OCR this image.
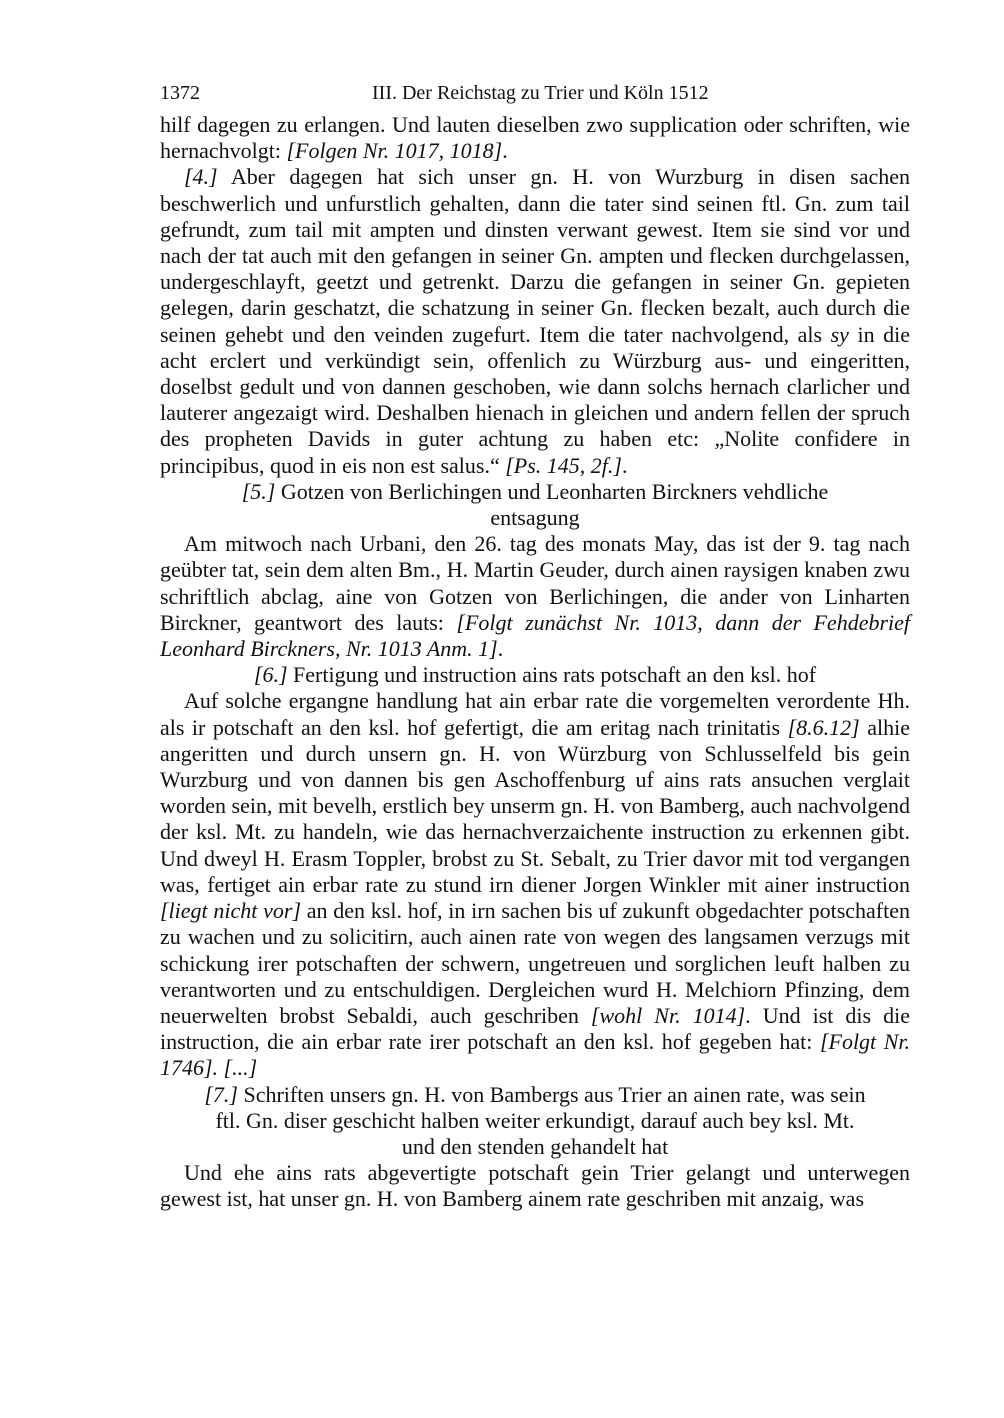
1372	III. Der Reichstag zu Trier und Köln 1512

hilf dagegen zu erlangen. Und lauten dieselben zwo supplication oder schriften, wie hernachvolgt: [Folgen Nr. 1017, 1018].

[4.] Aber dagegen hat sich unser gn. H. von Wurzburg in disen sachen beschwerlich und unfurstlich gehalten, dann die tater sind seinen ftl. Gn. zum tail gefrundt, zum tail mit ampten und dinsten verwant gewest. Item sie sind vor und nach der tat auch mit den gefangen in seiner Gn. ampten und flecken durchgelassen, undergeschlayft, geetzt und getrenkt. Darzu die gefangen in seiner Gn. gepieten gelegen, darin geschatzt, die schatzung in seiner Gn. flecken bezalt, auch durch die seinen gehebt und den veinden zugefurt. Item die tater nachvolgend, als sy in die acht erclert und verkündigt sein, offenlich zu Würzburg aus- und eingeritten, doselbst gedult und von dannen geschoben, wie dann solchs hernach clarlicher und lauterer angezaigt wird. Deshalben hienach in gleichen und andern fellen der spruch des propheten Davids in guter achtung zu haben etc: „Nolite confidere in principibus, quod in eis non est salus.“ [Ps. 145, 2f.].

[5.] Gotzen von Berlichingen und Leonharten Birckners vehdliche entsagung

Am mitwoch nach Urbani, den 26. tag des monats May, das ist der 9. tag nach geübter tat, sein dem alten Bm., H. Martin Geuder, durch ainen raysigen knaben zwu schriftlich abclag, aine von Gotzen von Berlichingen, die ander von Linharten Birckner, geantwort des lauts: [Folgt zunächst Nr. 1013, dann der Fehdebrief Leonhard Birckners, Nr. 1013 Anm. 1].

[6.] Fertigung und instruction ains rats potschaft an den ksl. hof

Auf solche ergangne handlung hat ain erbar rate die vorgemelten verordente Hh. als ir potschaft an den ksl. hof gefertigt, die am eritag nach trinitatis [8.6.12] alhie angeritten und durch unsern gn. H. von Würzburg von Schlusselfeld bis gein Wurzburg und von dannen bis gen Aschoffenburg uf ains rats ansuchen verglait worden sein, mit bevelh, erstlich bey unserm gn. H. von Bamberg, auch nachvolgend der ksl. Mt. zu handeln, wie das hernachverzaichente instruction zu erkennen gibt. Und dweyl H. Erasm Toppler, brobst zu St. Sebalt, zu Trier davor mit tod vergangen was, fertiget ain erbar rate zu stund irn diener Jorgen Winkler mit ainer instruction [liegt nicht vor] an den ksl. hof, in irn sachen bis uf zukunft obgedachter potschaften zu wachen und zu solicitirn, auch ainen rate von wegen des langsamen verzugs mit schickung irer potschaften der schwern, ungetreuen und sorglichen leuft halben zu verantworten und zu entschuldigen. Dergleichen wurd H. Melchiorn Pfinzing, dem neuerwelten brobst Sebaldi, auch geschriben [wohl Nr. 1014]. Und ist dis die instruction, die ain erbar rate irer potschaft an den ksl. hof gegeben hat: [Folgt Nr. 1746]. [...]

[7.] Schriften unsers gn. H. von Bambergs aus Trier an ainen rate, was sein ftl. Gn. diser geschicht halben weiter erkundigt, darauf auch bey ksl. Mt. und den stenden gehandelt hat

Und ehe ains rats abgevertigte potschaft gein Trier gelangt und unterwegen gewest ist, hat unser gn. H. von Bamberg ainem rate geschriben mit anzaig, was
